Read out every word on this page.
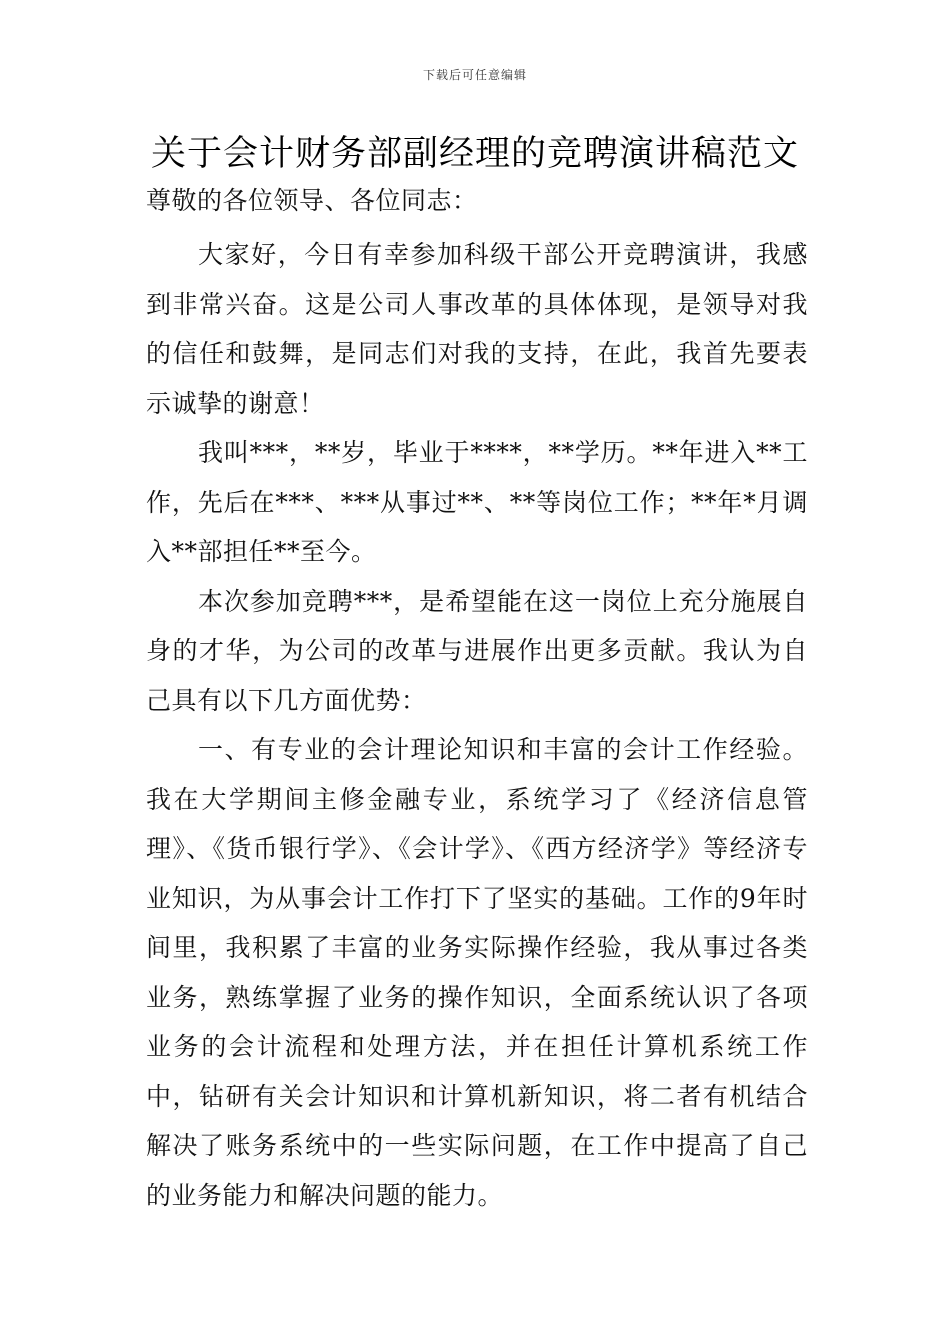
下载后可任意编辑
关于会计财务部副经理的竞聘演讲稿范文

尊敬的各位领导、各位同志：

大家好，今日有幸参加科级干部公开竞聘演讲，我感到非常兴奋。这是公司人事改革的具体体现，是领导对我的信任和鼓舞，是同志们对我的支持，在此，我首先要表示诚挚的谢意！

我叫***，**岁，毕业于****，**学历。**年进入**工作，先后在***、***从事过**、**等岗位工作；**年*月调入**部担任**至今。

本次参加竞聘***，是希望能在这一岗位上充分施展自身的才华，为公司的改革与进展作出更多贡献。我认为自己具有以下几方面优势：

一、有专业的会计理论知识和丰富的会计工作经验。我在大学期间主修金融专业，系统学习了《经济信息管理》、《货币银行学》、《会计学》、《西方经济学》等经济专业知识，为从事会计工作打下了坚实的基础。工作的9年时间里，我积累了丰富的业务实际操作经验，我从事过各类业务，熟练掌握了业务的操作知识，全面系统认识了各项业务的会计流程和处理方法，并在担任计算机系统工作中，钻研有关会计知识和计算机新知识，将二者有机结合解决了账务系统中的一些实际问题，在工作中提高了自己的业务能力和解决问题的能力。
